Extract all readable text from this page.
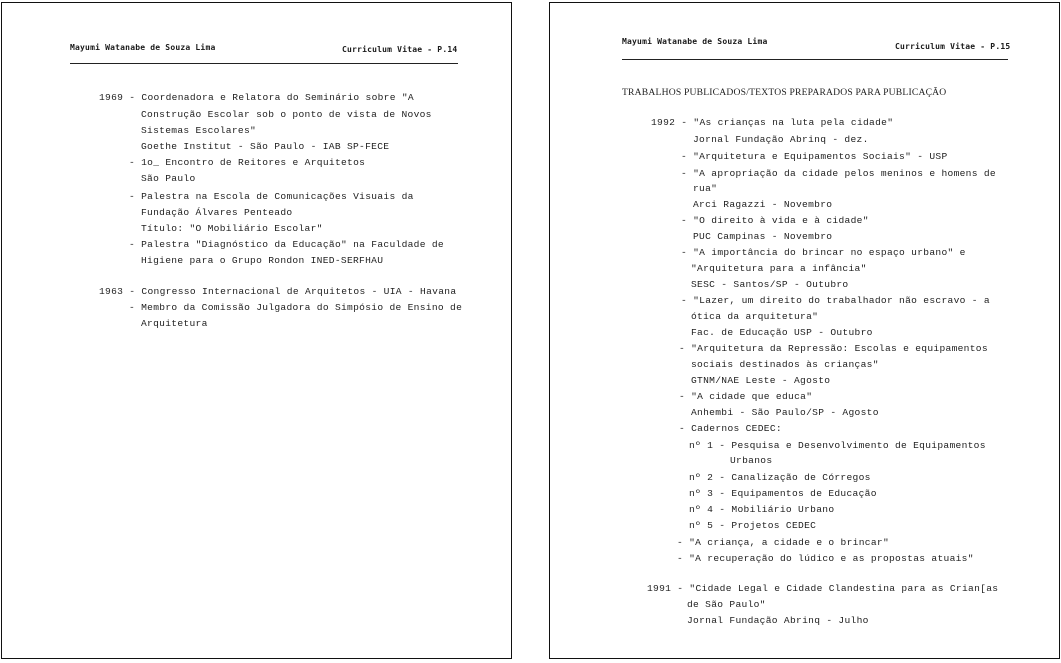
Mayumi Watanabe de Souza Lima	Curriculum Vitae - P.14
1969 - Coordenadora e Relatora do Seminário sobre "A
Construção Escolar sob o ponto de vista de Novos
Sistemas Escolares"
Goethe Institut - São Paulo - IAB SP-FECE
- 1o_ Encontro de Reitores e Arquitetos
São Paulo
- Palestra na Escola de Comunicações Visuais da
Fundação Álvares Penteado
Título: "O Mobiliário Escolar"
- Palestra "Diagnóstico da Educação" na Faculdade de
Higiene para o Grupo Rondon INED-SERFHAU
1963 - Congresso Internacional de Arquitetos - UIA - Havana
- Membro da Comissão Julgadora do Simpósio de Ensino de
Arquitetura
Mayumi Watanabe de Souza Lima
Curriculum Vitae - P.15
TRABALHOS PUBLICADOS/TEXTOS PREPARADOS PARA PUBLICAÇÃO
1992 - "As crianças na luta pela cidade"
Jornal Fundação Abrinq - dez.
- "Arquitetura e Equipamentos Sociais" - USP
- "A apropriação da cidade pelos meninos e homens de
rua"
Arci Ragazzi - Novembro
- "O direito à vida e à cidade"
PUC Campinas - Novembro
- "A importância do brincar no espaço urbano" e
"Arquitetura para a infância"
SESC - Santos/SP - Outubro
- "Lazer, um direito do trabalhador não escravo - a
ótica da arquitetura"
Fac. de Educação USP - Outubro
- "Arquitetura da Repressão: Escolas e equipamentos
sociais destinados às crianças"
GTNM/NAE Leste - Agosto
- "A cidade que educa"
Anhembi - São Paulo/SP - Agosto
- Cadernos CEDEC:
nº 1 - Pesquisa e Desenvolvimento de Equipamentos
Urbanos
nº 2 - Canalização de Córregos
nº 3 - Equipamentos de Educação
nº 4 - Mobiliário Urbano
nº 5 - Projetos CEDEC
- "A criança, a cidade e o brincar"
- "A recuperação do lúdico e as propostas atuais"
1991 - "Cidade Legal e Cidade Clandestina para as Crian[as
de São Paulo"
Jornal Fundação Abrinq - Julho
